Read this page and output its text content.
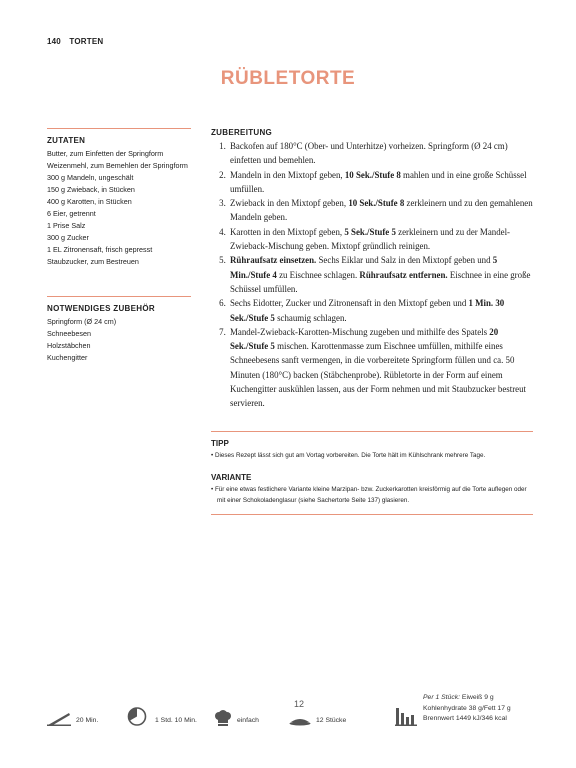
140 TORTEN
RÜBLETORTE
ZUTATEN
Butter, zum Einfetten der Springform
Weizenmehl, zum Bemehlen der Springform
300 g Mandeln, ungeschält
150 g Zwieback, in Stücken
400 g Karotten, in Stücken
6 Eier, getrennt
1 Prise Salz
300 g Zucker
1 EL Zitronensaft, frisch gepresst
Staubzucker, zum Bestreuen
NOTWENDIGES ZUBEHÖR
Springform (Ø 24 cm)
Schneebesen
Holzstäbchen
Kuchengitter
ZUBEREITUNG
1. Backofen auf 180°C (Ober- und Unterhitze) vorheizen. Springform (Ø 24 cm) einfetten und bemehlen.
2. Mandeln in den Mixtopf geben, 10 Sek./Stufe 8 mahlen und in eine große Schüssel umfüllen.
3. Zwieback in den Mixtopf geben, 10 Sek./Stufe 8 zerkleinern und zu den gemahlenen Mandeln geben.
4. Karotten in den Mixtopf geben, 5 Sek./Stufe 5 zerkleinern und zu der Mandel-Zwieback-Mischung geben. Mixtopf gründlich reinigen.
5. Rühraufsatz einsetzen. Sechs Eiklar und Salz in den Mixtopf geben und 5 Min./Stufe 4 zu Eischnee schlagen. Rühraufsatz entfernen. Eischnee in eine große Schüssel umfüllen.
6. Sechs Eidotter, Zucker und Zitronensaft in den Mixtopf geben und 1 Min. 30 Sek./Stufe 5 schaumig schlagen.
7. Mandel-Zwieback-Karotten-Mischung zugeben und mithilfe des Spatels 20 Sek./Stufe 5 mischen. Karottenmasse zum Eischnee umfüllen, mithilfe eines Schneebesens sanft vermengen, in die vorbereitete Springform füllen und ca. 50 Minuten (180°C) backen (Stäbchenprobe). Rübletorte in der Form auf einem Kuchengitter auskühlen lassen, aus der Form nehmen und mit Staubzucker bestreut servieren.
TIPP

• Dieses Rezept lässt sich gut am Vortag vorbereiten. Die Torte hält im Kühlschrank mehrere Tage.

VARIANTE

• Für eine etwas festlichere Variante kleine Marzipan- bzw. Zuckerkarotten kreisförmig auf die Torte auflegen oder mit einer Schokoladenglasur (siehe Sachertorte Seite 137) glasieren.

20 Min.	1 Std. 10 Min.	einfach
12
12 Stücke
Per 1 Stück: Eiweiß 9 g
Kohlenhydrate 38 g/Fett 17 g
Brennwert 1449 kJ/346 kcal
